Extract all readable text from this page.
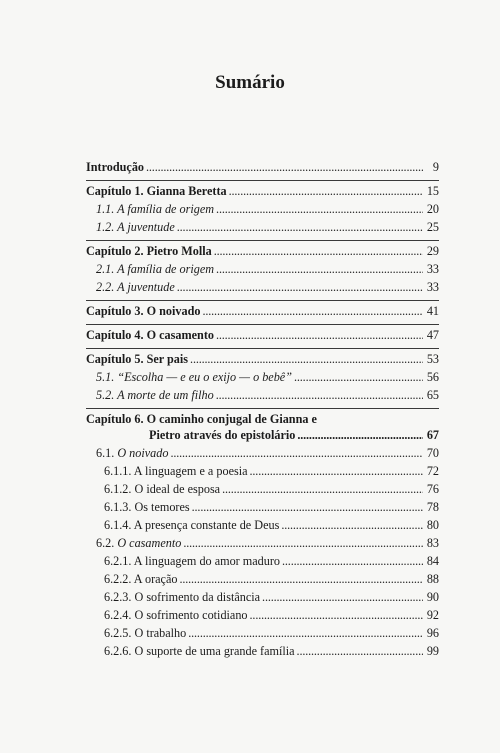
Sumário
Introdução . . .	9
Capítulo 1. Gianna Beretta . . .	15
1.1. A família de origem . . .	20
1.2. A juventude . . .	25
Capítulo 2. Pietro Molla . . .	29
2.1. A família de origem . . .	33
2.2. A juventude . . .	33
Capítulo 3. O noivado . . .	41
Capítulo 4. O casamento . . .	47
Capítulo 5. Ser pais . . .	53
5.1. “Escolha — e eu o exijo — o bebê” . . .	56
5.2. A morte de um filho . . .	65
Capítulo 6. O caminho conjugal de Gianna e
Pietro através do epistolário . . .	67
6.1. O noivado . . .	70
6.1.1. A linguagem e a poesia . . .	72
6.1.2. O ideal de esposa . . .	76
6.1.3. Os temores . . .	78
6.1.4. A presença constante de Deus . . .	80
6.2. O casamento . . .	83
6.2.1. A linguagem do amor maduro . . .	84
6.2.2. A oração . . .	88
6.2.3. O sofrimento da distância . . .	90
6.2.4. O sofrimento cotidiano . . .	92
6.2.5. O trabalho . . .	96
6.2.6. O suporte de uma grande família . . .	99
